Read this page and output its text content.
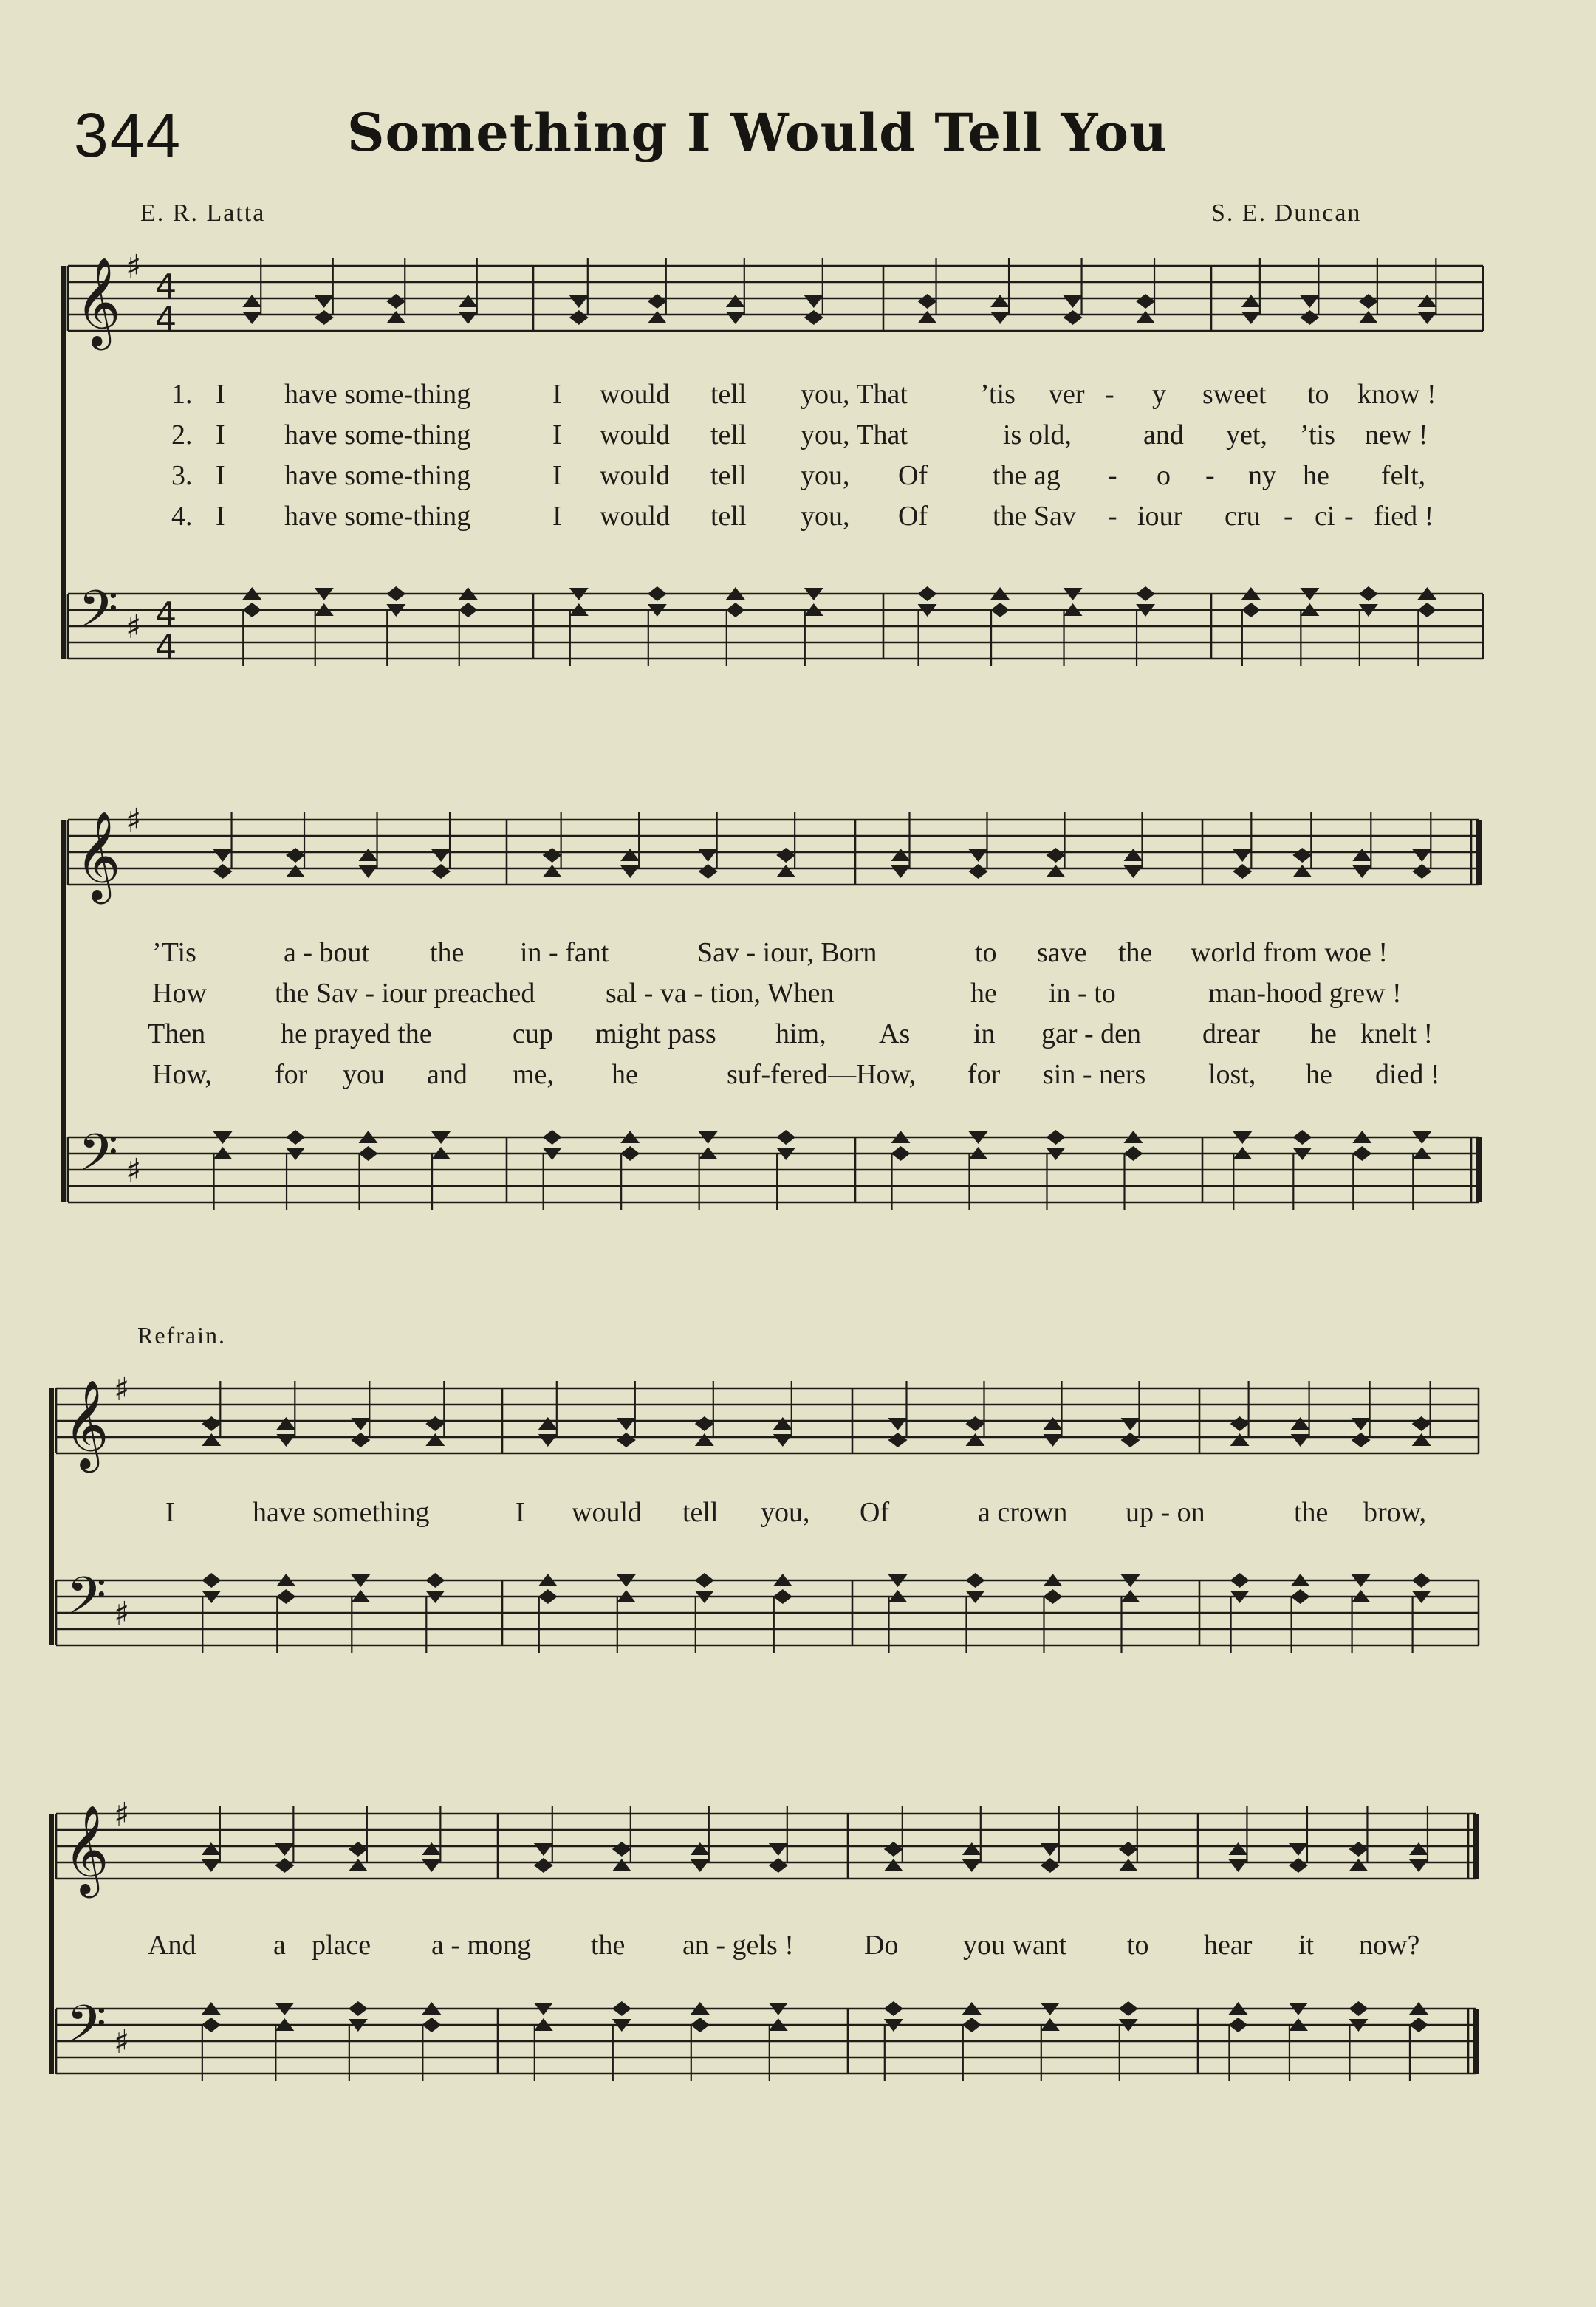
344	Something I Would Tell You
E. R. Latta	S. E. Duncan
Refrain.
𝄞
𝄢
♯
♯
4
4
4
4
𝄞
𝄢
♯
♯
𝄞
𝄢
♯
♯
𝄞
𝄢
♯
♯
1. I have some-thing	I would tell you, That	’tis ver - y sweet to know !
2. I have some-thing	I would tell you, That	is old,	and yet, ’tis new !
3. I have some-thing	I would tell you, Of the ag - o - ny he felt,
4. I have some-thing	I would tell you, Of the Sav - iour cru - ci - fied !
’Tis	a - bout the in - fant	Sav - iour, Born	to save the world from woe !
How the Sav - iour preached	sal - va - tion, When	he in - to	man-hood grew !
Then	he prayed the	cup might pass him, As in gar - den drear he knelt !
How, for you and me, he	suf-fered—How, for sin - ners lost, he died !
I	have something	I would tell you, Of	a crown up - on	the brow,
And	a place a - mong the an - gels !	Do you want to hear it now?
